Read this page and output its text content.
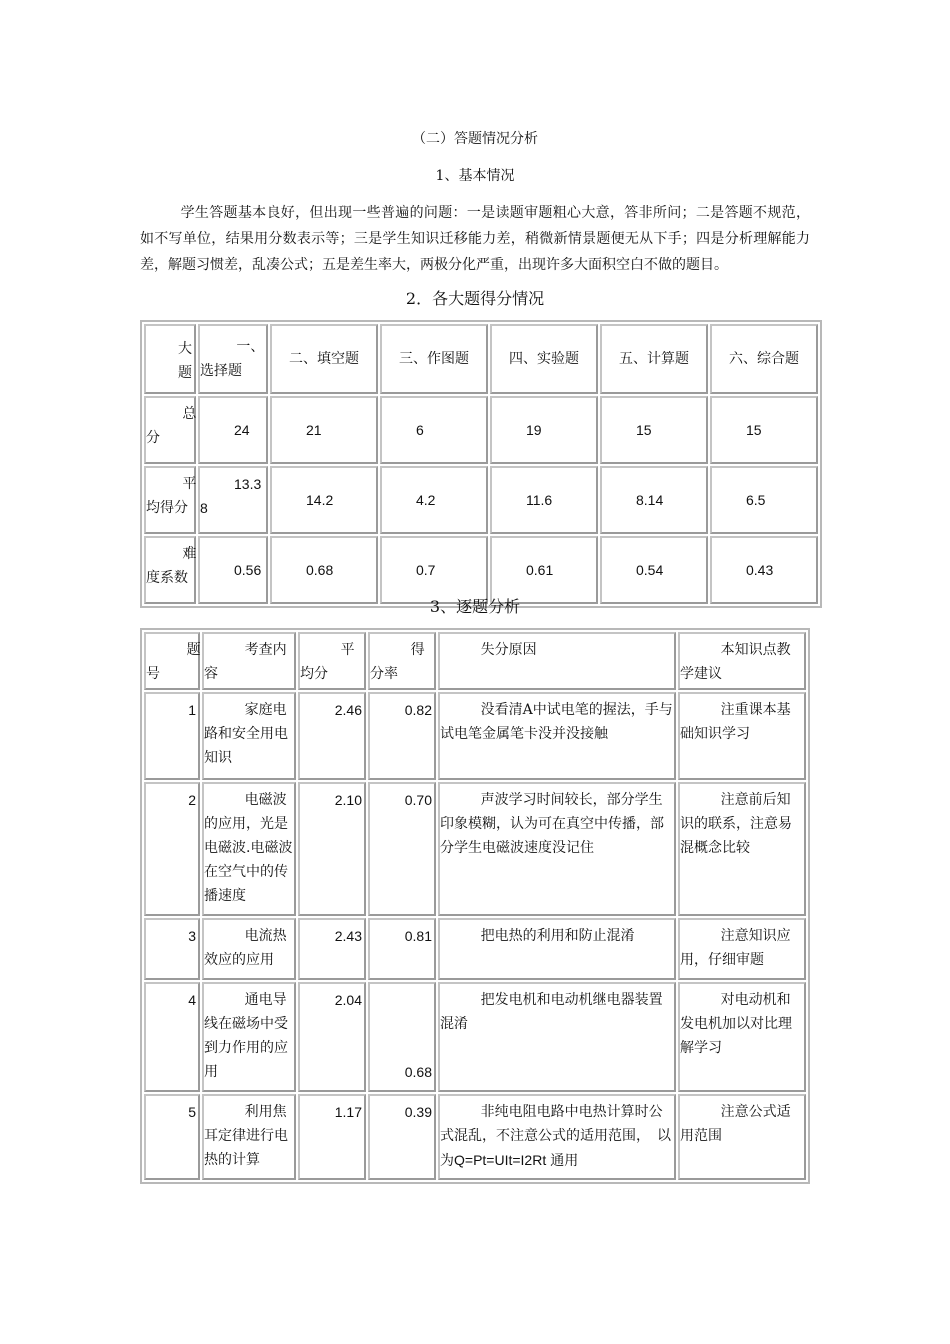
（二）答题情况分析
1、基本情况
学生答题基本良好，但出现一些普遍的问题：一是读题审题粗心大意，答非所问；二是答题不规范，如不写单位，结果用分数表示等；三是学生知识迁移能力差，稍微新情景题便无从下手；四是分析理解能力差，解题习惯差，乱凑公式；五是差生率大，两极分化严重，出现许多大面积空白不做的题目。
2．各大题得分情况
大　　题	一、选择题	二、填空题	三、作图题	四、实验题	五、计算题	六、综合题
总分	24	21	6	19	15	15
平均得分	13.38	14.2	4.2	11.6	8.14	6.5
难度系数	0.56	0.68	0.7	0.61	0.54	0.43
3、逐题分析
题号	考查内容	平均分	得分率	失分原因	本知识点教学建议
1	家庭电路和安全用电知识	2.46	0.82	没看清A中试电笔的握法，手与试电笔金属笔卡没并没接触	注重课本基础知识学习
2	电磁波的应用，光是电磁波.电磁波在空气中的传播速度	2.10	0.70	声波学习时间较长，部分学生印象模糊，认为可在真空中传播，部分学生电磁波速度没记住	注意前后知识的联系，注意易混概念比较
3	电流热效应的应用	2.43	0.81	把电热的利用和防止混淆	注意知识应用，仔细审题
4	通电导线在磁场中受到力作用的应用	2.04	0.68	把发电机和电动机继电器装置混淆	对电动机和发电机加以对比理解学习
5	利用焦耳定律进行电热的计算	1.17	0.39	非纯电阻电路中电热计算时公式混乱，不注意公式的适用范围，　以为Q=Pt=UIt=I2Rt 通用	注意公式适用范围
